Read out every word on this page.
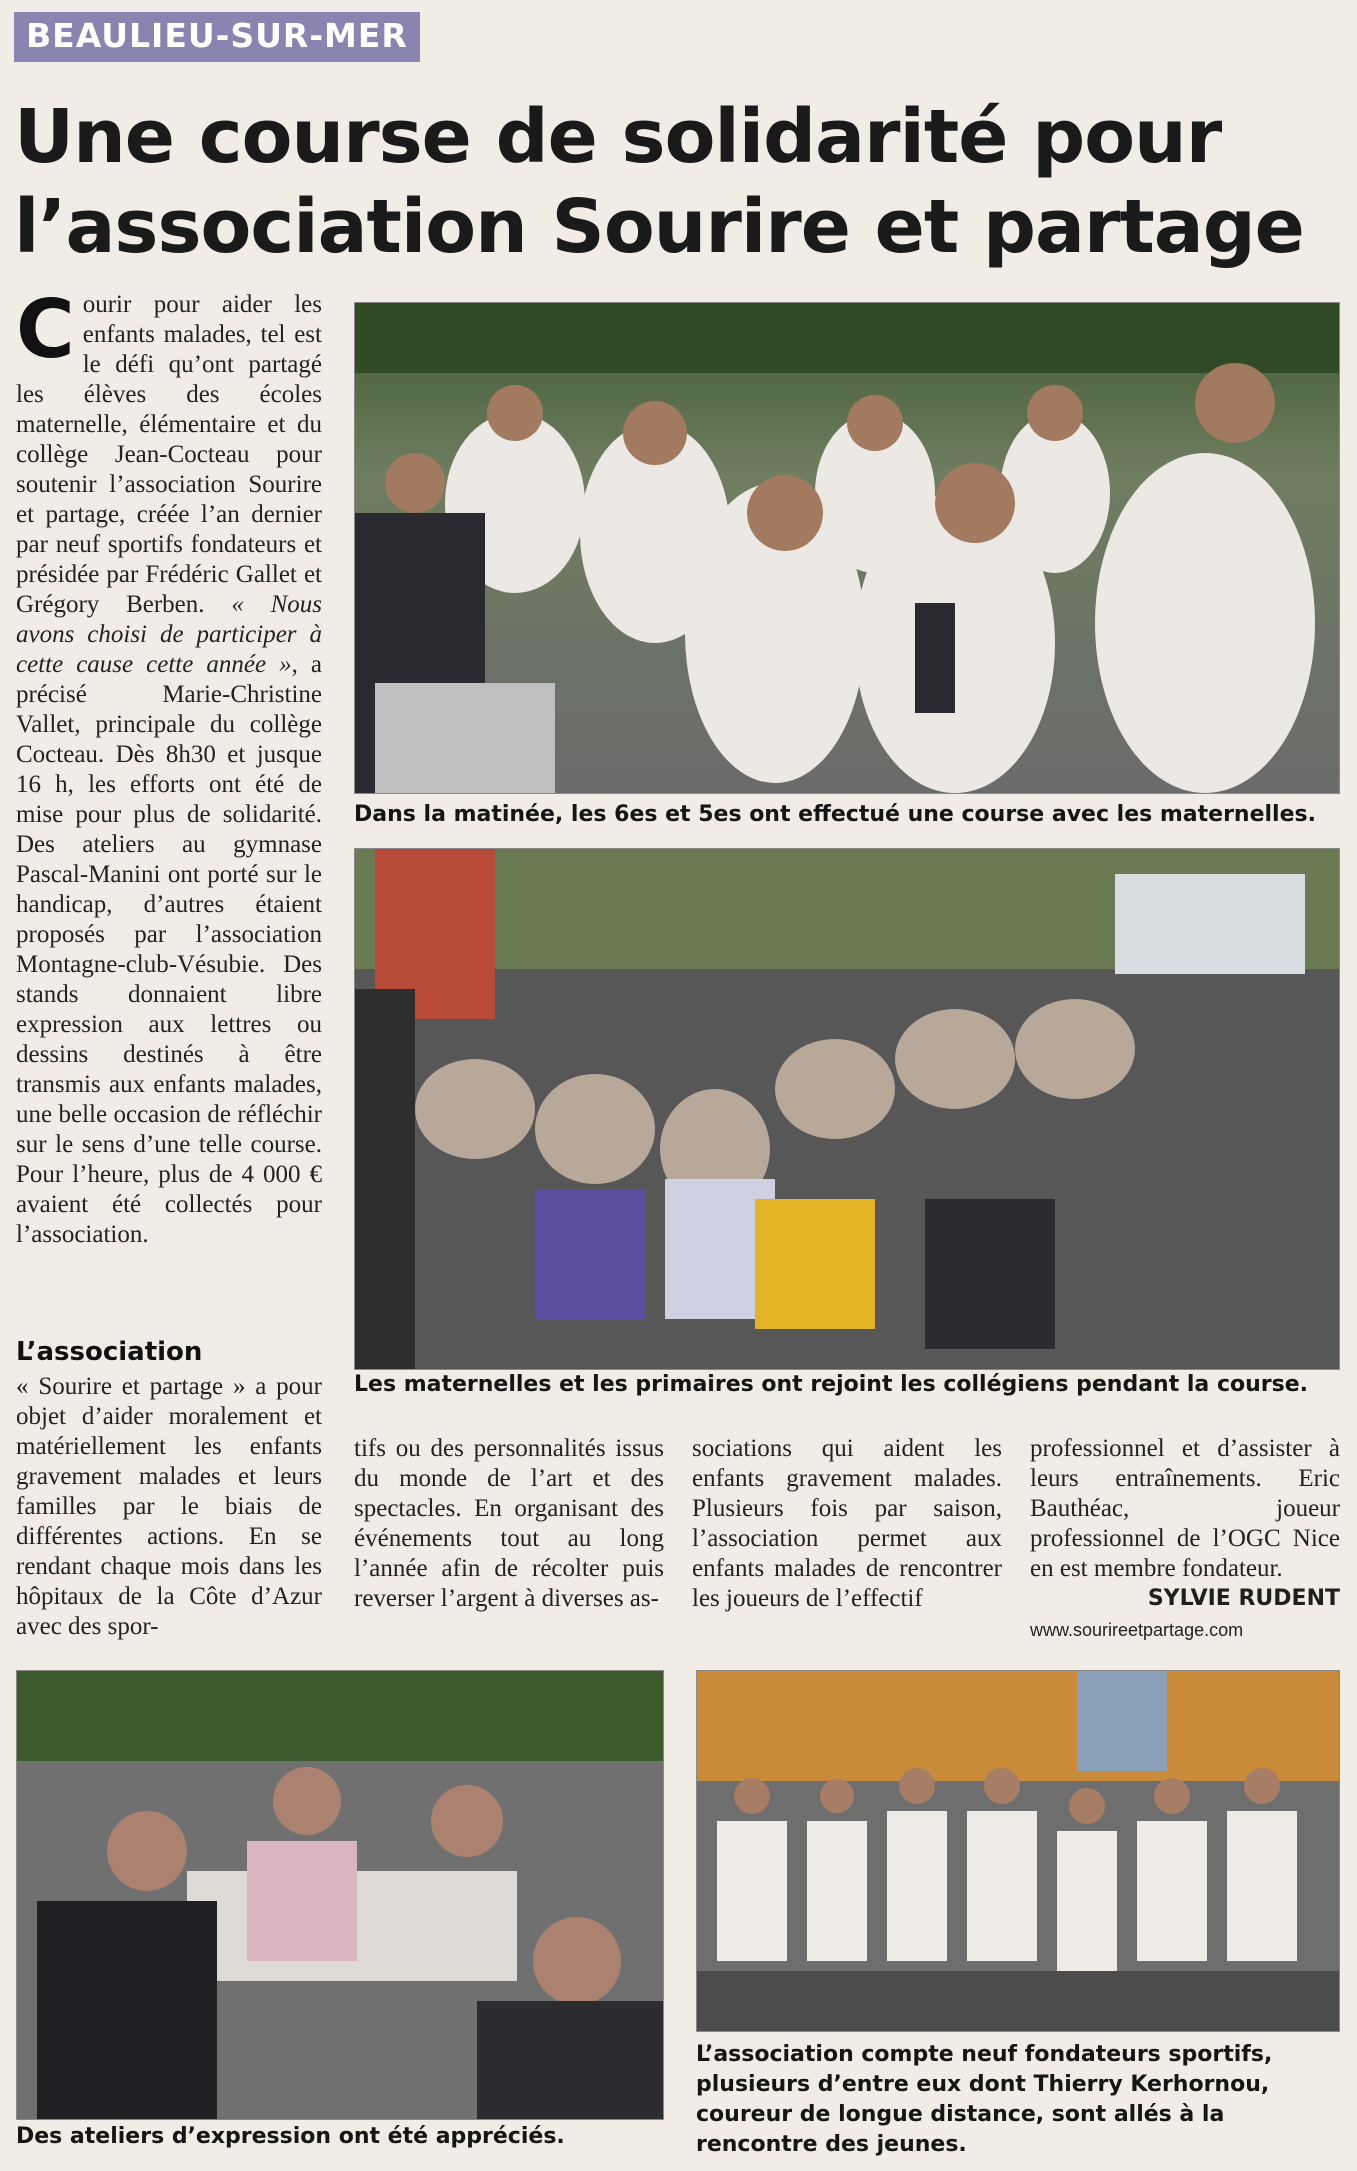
BEAULIEU-SUR-MER
Une course de solidarité pour
l’association Sourire et partage

Courir pour aider les enfants malades, tel est le défi qu’ont partagé les élèves des écoles maternelle, élémentaire et du collège Jean-Cocteau pour soutenir l’association Sourire et partage, créée l’an dernier par neuf sportifs fondateurs et présidée par Frédéric Gallet et Grégory Berben. « Nous avons choisi de participer à cette cause cette année », a précisé Marie-Christine Vallet, principale du collège Cocteau. Dès 8h30 et jusque 16 h, les efforts ont été de mise pour plus de solidarité. Des ateliers au gymnase Pascal-Manini ont porté sur le handicap, d’autres étaient proposés par l’association Montagne-club-Vésubie. Des stands donnaient libre expression aux lettres ou dessins destinés à être transmis aux enfants malades, une belle occasion de réfléchir sur le sens d’une telle course. Pour l’heure, plus de 4 000 € avaient été collectés pour l’association.

L’association

« Sourire et partage » a pour objet d’aider moralement et matériellement les enfants gravement malades et leurs familles par le biais de différentes actions. En se rendant chaque mois dans les hôpitaux de la Côte d’Azur avec des spor-

Dans la matinée, les 6es et 5es ont effectué une course avec les maternelles.
Les maternelles et les primaires ont rejoint les collégiens pendant la course.

tifs ou des personnalités issus du monde de l’art et des spectacles. En organisant des événements tout au long l’année afin de récolter puis reverser l’argent à diverses as-

sociations qui aident les enfants gravement malades. Plusieurs fois par saison, l’association permet aux enfants malades de rencontrer les joueurs de l’effectif

professionnel et d’assister à leurs entraînements. Eric Bauthéac, joueur professionnel de l’OGC Nice en est membre fondateur.

SYLVIE RUDENT
www.sourireetpartage.com
Des ateliers d’expression ont été appréciés.
L’association compte neuf fondateurs sportifs, plusieurs d’entre eux dont Thierry Kerhornou, coureur de longue distance, sont allés à la rencontre des jeunes.
